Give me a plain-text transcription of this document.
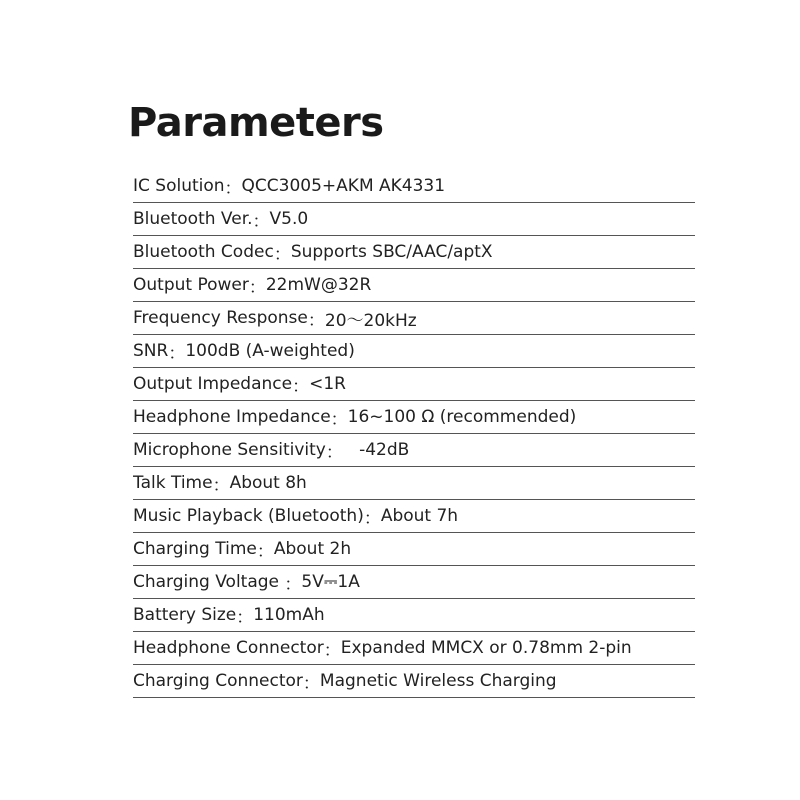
Parameters
IC Solution ： QCC3005+AKM AK4331
Bluetooth Ver. ： V5.0
Bluetooth Codec ： Supports SBC/AAC/aptX
Output Power ： 22mW@32R
Frequency Response ： 20～20kHz
SNR ： 100dB (A-weighted)
Output Impedance ： <1R
Headphone Impedance ： 16~100 Ω (recommended)
Microphone Sensitivity ： -42dB
Talk Time ： About 8h
Music Playback (Bluetooth) ： About 7h
Charging Time ： About 2h
Charging Voltage ： 5V⎓1A
Battery Size ： 110mAh
Headphone Connector ： Expanded MMCX or 0.78mm 2-pin
Charging Connector ： Magnetic Wireless Charging
